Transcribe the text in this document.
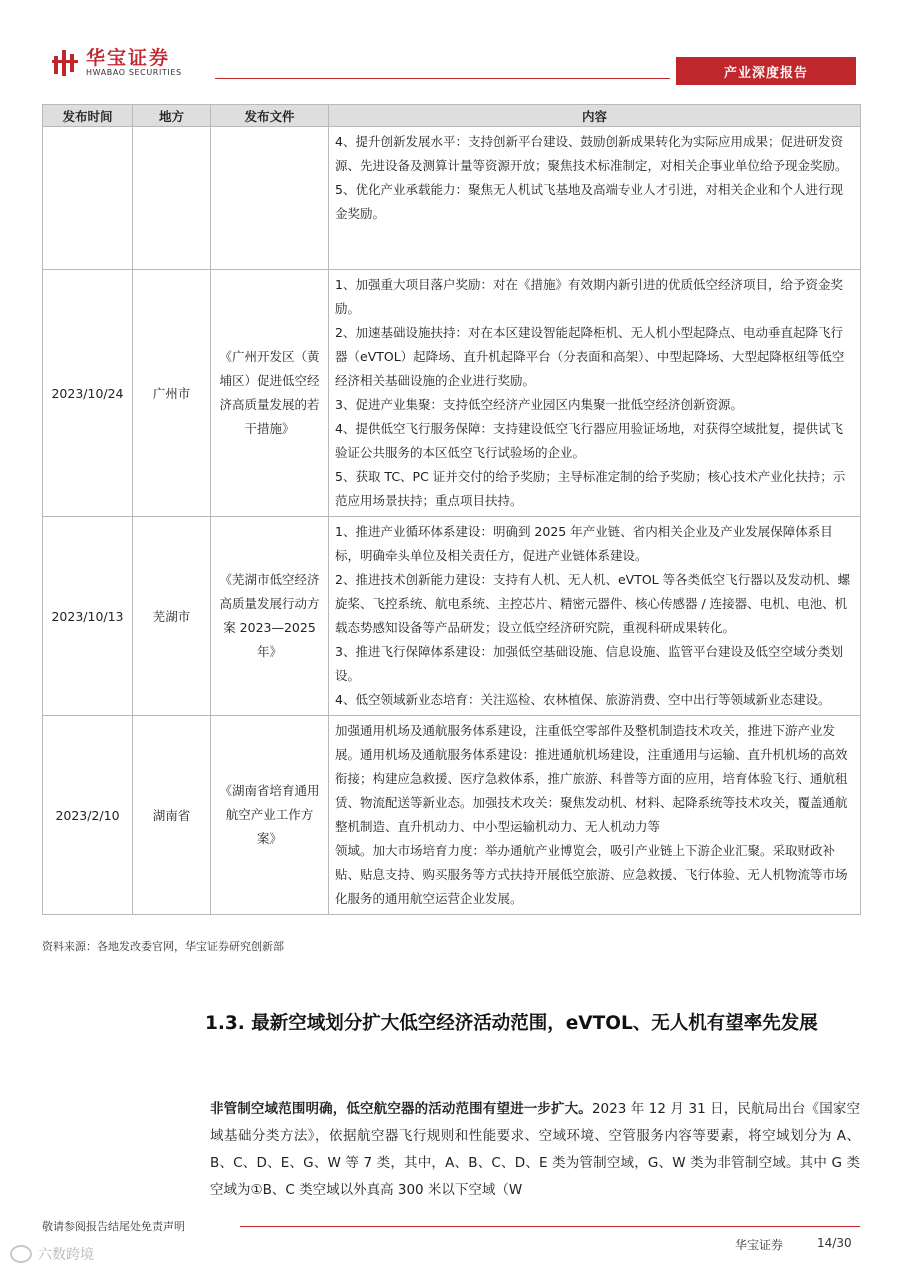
华宝证券
HWABAO SECURITIES	产业深度报告
发布时间	地方	发布文件	内容

			4、提升创新发展水平：支持创新平台建设、鼓励创新成果转化为实际应用成果；促进研发资源、先进设备及测算计量等资源开放；聚焦技术标准制定，对相关企事业单位给予现金奖励。

5、优化产业承载能力：聚焦无人机试飞基地及高端专业人才引进，对相关企业和个人进行现金奖励。

2023/10/24	广州市	《广州开发区（黄埔区）促进低空经济高质量发展的若干措施》	1、加强重大项目落户奖励：对在《措施》有效期内新引进的优质低空经济项目，给予资金奖励。

2、加速基础设施扶持：对在本区建设智能起降柜机、无人机小型起降点、电动垂直起降飞行器（eVTOL）起降场、直升机起降平台（分表面和高架）、中型起降场、大型起降枢纽等低空经济相关基础设施的企业进行奖励。

3、促进产业集聚：支持低空经济产业园区内集聚一批低空经济创新资源。

4、提供低空飞行服务保障：支持建设低空飞行器应用验证场地，对获得空域批复，提供试飞验证公共服务的本区低空飞行试验场的企业。

5、获取 TC、PC 证并交付的给予奖励；主导标准定制的给予奖励；核心技术产业化扶持；示范应用场景扶持；重点项目扶持。

2023/10/13	芜湖市	《芜湖市低空经济高质量发展行动方案 2023—2025 年》	1、推进产业循环体系建设：明确到 2025 年产业链、省内相关企业及产业发展保障体系目标，明确牵头单位及相关责任方，促进产业链体系建设。

2、推进技术创新能力建设：支持有人机、无人机、eVTOL 等各类低空飞行器以及发动机、螺旋桨、飞控系统、航电系统、主控芯片、精密元器件、核心传感器 / 连接器、电机、电池、机载态势感知设备等产品研发；设立低空经济研究院，重视科研成果转化。

3、推进飞行保障体系建设：加强低空基础设施、信息设施、监管平台建设及低空空域分类划设。

4、低空领域新业态培育：关注巡检、农林植保、旅游消费、空中出行等领域新业态建设。

2023/2/10	湖南省	《湖南省培育通用航空产业工作方案》	加强通用机场及通航服务体系建设，注重低空零部件及整机制造技术攻关，推进下游产业发展。通用机场及通航服务体系建设：推进通航机场建设，注重通用与运输、直升机机场的高效衔接；构建应急救援、医疗急救体系，推广旅游、科普等方面的应用，培育体验飞行、通航租赁、物流配送等新业态。加强技术攻关：聚焦发动机、材料、起降系统等技术攻关，覆盖通航整机制造、直升机动力、中小型运输机动力、无人机动力等

领域。加大市场培育力度：举办通航产业博览会，吸引产业链上下游企业汇聚。采取财政补贴、贴息支持、购买服务等方式扶持开展低空旅游、应急救援、飞行体验、无人机物流等市场化服务的通用航空运营企业发展。

资料来源：各地发改委官网，华宝证券研究创新部
1.3. 最新空域划分扩大低空经济活动范围，eVTOL、无人机有望率先发展
非管制空域范围明确，低空航空器的活动范围有望进一步扩大。2023 年 12 月 31 日，民航局出台《国家空域基础分类方法》，依据航空器飞行规则和性能要求、空域环境、空管服务内容等要素，将空域划分为 A、B、C、D、E、G、W 等 7 类，其中，A、B、C、D、E 类为管制空域，G、W 类为非管制空域。其中 G 类空域为①B、C 类空域以外真高 300 米以下空域（W
敬请参阅报告结尾处免责声明
华宝证券	14/30
六数跨境
